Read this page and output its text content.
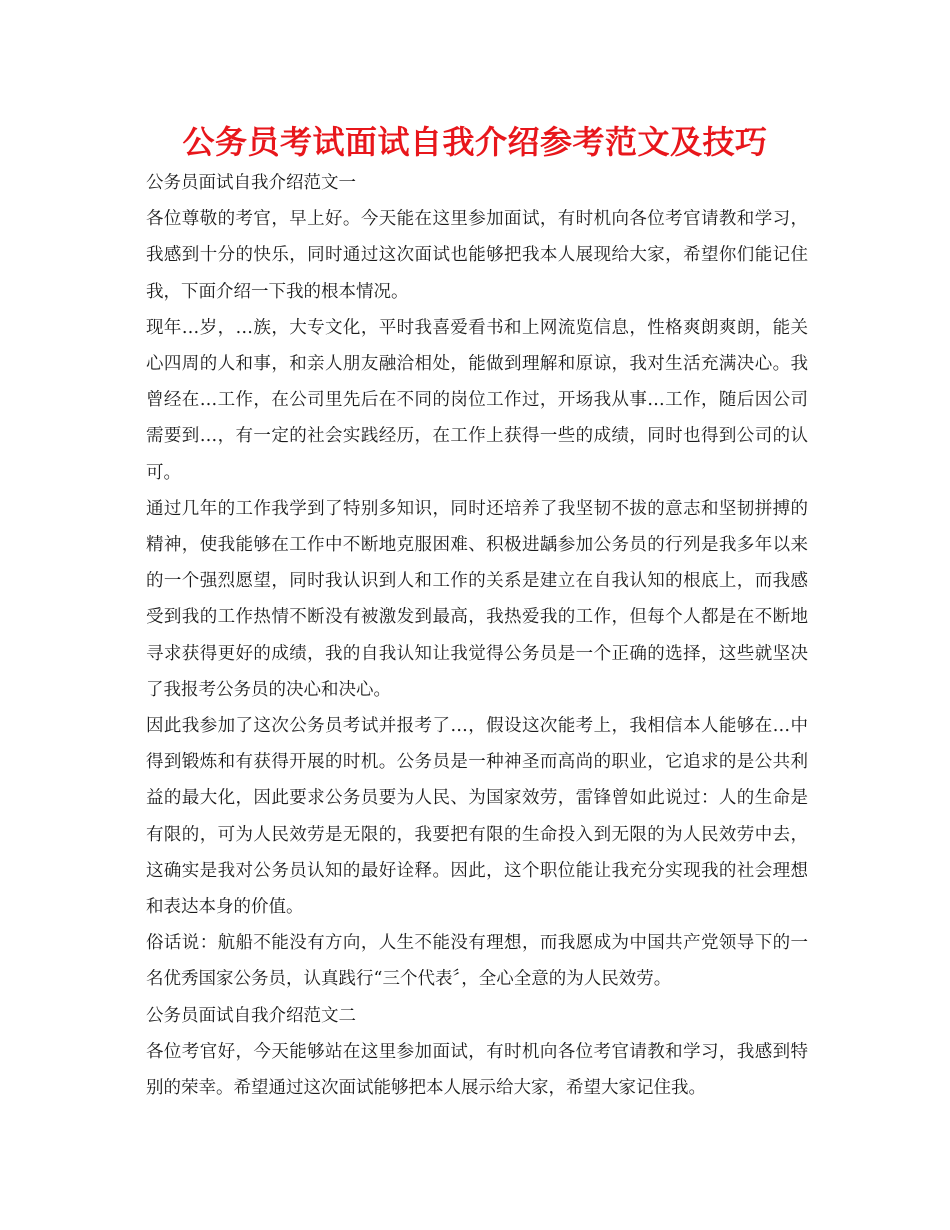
公务员考试面试自我介绍参考范文及技巧

公务员面试自我介绍范文一

各位尊敬的考官，早上好。今天能在这里参加面试，有时机向各位考官请教和学习，我感到十分的快乐，同时通过这次面试也能够把我本人展现给大家，希望你们能记住我，下面介绍一下我的根本情况。

现年…岁，…族，大专文化，平时我喜爱看书和上网流览信息，性格爽朗爽朗，能关心四周的人和事，和亲人朋友融洽相处，能做到理解和原谅，我对生活充满决心。我曾经在…工作，在公司里先后在不同的岗位工作过，开场我从事…工作，随后因公司需要到…，有一定的社会实践经历，在工作上获得一些的成绩，同时也得到公司的认可。

通过几年的工作我学到了特别多知识，同时还培养了我坚韧不拔的意志和坚韧拼搏的精神，使我能够在工作中不断地克服困难、积极进龋参加公务员的行列是我多年以来的一个强烈愿望，同时我认识到人和工作的关系是建立在自我认知的根底上，而我感受到我的工作热情不断没有被激发到最高，我热爱我的工作，但每个人都是在不断地寻求获得更好的成绩，我的自我认知让我觉得公务员是一个正确的选择，这些就坚决了我报考公务员的决心和决心。

因此我参加了这次公务员考试并报考了…，假设这次能考上，我相信本人能够在…中得到锻炼和有获得开展的时机。公务员是一种神圣而高尚的职业，它追求的是公共利益的最大化，因此要求公务员要为人民、为国家效劳，雷锋曾如此说过：人的生命是有限的，可为人民效劳是无限的，我要把有限的生命投入到无限的为人民效劳中去，这确实是我对公务员认知的最好诠释。因此，这个职位能让我充分实现我的社会理想和表达本身的价值。

俗话说：航船不能没有方向，人生不能没有理想，而我愿成为中国共产党领导下的一名优秀国家公务员，认真践行“三个代表〞，全心全意的为人民效劳。

公务员面试自我介绍范文二

各位考官好，今天能够站在这里参加面试，有时机向各位考官请教和学习，我感到特别的荣幸。希望通过这次面试能够把本人展示给大家，希望大家记住我。
